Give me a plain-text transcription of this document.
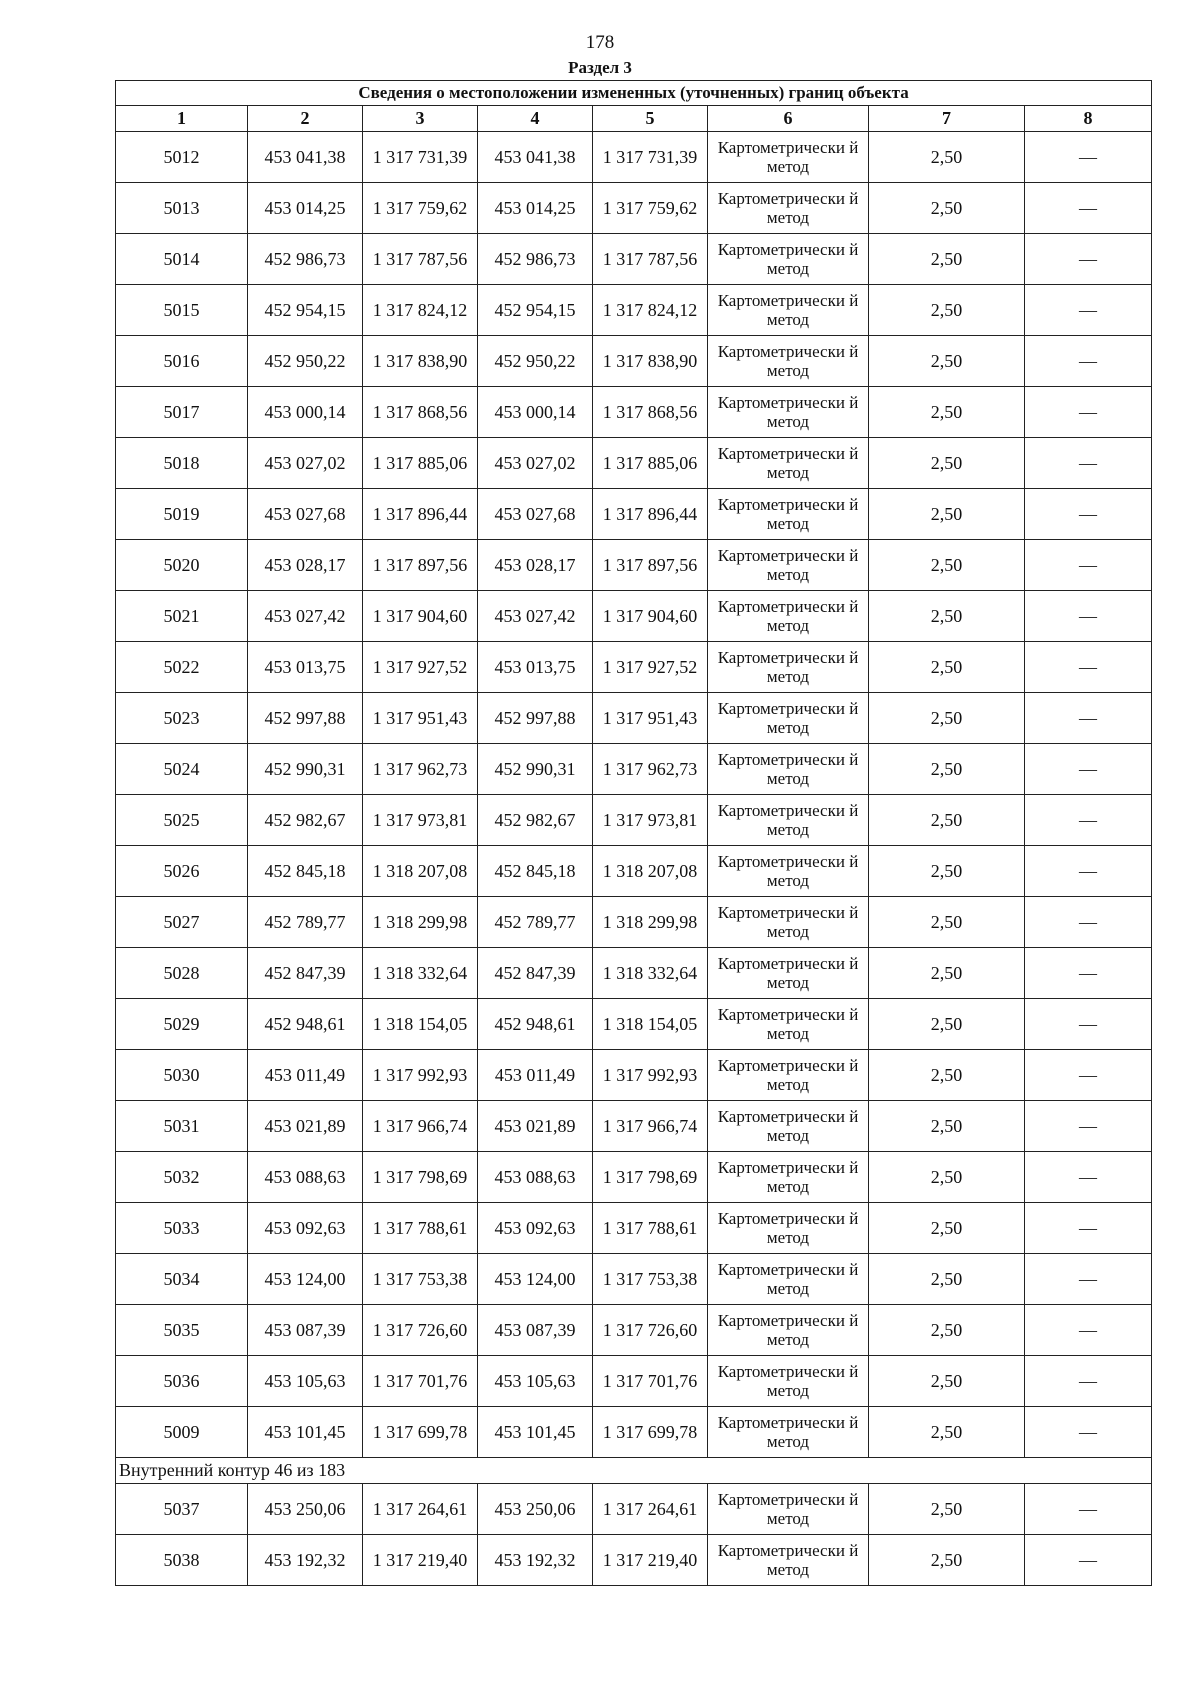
178
Раздел 3
Сведения о местоположении измененных (уточненных) границ объекта							
1	2	3	4	5	6	7	8
5012	453 041,38	1 317 731,39	453 041,38	1 317 731,39	Картометрически й метод	2,50	—
5013	453 014,25	1 317 759,62	453 014,25	1 317 759,62	Картометрически й метод	2,50	—
5014	452 986,73	1 317 787,56	452 986,73	1 317 787,56	Картометрически й метод	2,50	—
5015	452 954,15	1 317 824,12	452 954,15	1 317 824,12	Картометрически й метод	2,50	—
5016	452 950,22	1 317 838,90	452 950,22	1 317 838,90	Картометрически й метод	2,50	—
5017	453 000,14	1 317 868,56	453 000,14	1 317 868,56	Картометрически й метод	2,50	—
5018	453 027,02	1 317 885,06	453 027,02	1 317 885,06	Картометрически й метод	2,50	—
5019	453 027,68	1 317 896,44	453 027,68	1 317 896,44	Картометрически й метод	2,50	—
5020	453 028,17	1 317 897,56	453 028,17	1 317 897,56	Картометрически й метод	2,50	—
5021	453 027,42	1 317 904,60	453 027,42	1 317 904,60	Картометрически й метод	2,50	—
5022	453 013,75	1 317 927,52	453 013,75	1 317 927,52	Картометрически й метод	2,50	—
5023	452 997,88	1 317 951,43	452 997,88	1 317 951,43	Картометрически й метод	2,50	—
5024	452 990,31	1 317 962,73	452 990,31	1 317 962,73	Картометрически й метод	2,50	—
5025	452 982,67	1 317 973,81	452 982,67	1 317 973,81	Картометрически й метод	2,50	—
5026	452 845,18	1 318 207,08	452 845,18	1 318 207,08	Картометрически й метод	2,50	—
5027	452 789,77	1 318 299,98	452 789,77	1 318 299,98	Картометрически й метод	2,50	—
5028	452 847,39	1 318 332,64	452 847,39	1 318 332,64	Картометрически й метод	2,50	—
5029	452 948,61	1 318 154,05	452 948,61	1 318 154,05	Картометрически й метод	2,50	—
5030	453 011,49	1 317 992,93	453 011,49	1 317 992,93	Картометрически й метод	2,50	—
5031	453 021,89	1 317 966,74	453 021,89	1 317 966,74	Картометрически й метод	2,50	—
5032	453 088,63	1 317 798,69	453 088,63	1 317 798,69	Картометрически й метод	2,50	—
5033	453 092,63	1 317 788,61	453 092,63	1 317 788,61	Картометрически й метод	2,50	—
5034	453 124,00	1 317 753,38	453 124,00	1 317 753,38	Картометрически й метод	2,50	—
5035	453 087,39	1 317 726,60	453 087,39	1 317 726,60	Картометрически й метод	2,50	—
5036	453 105,63	1 317 701,76	453 105,63	1 317 701,76	Картометрически й метод	2,50	—
5009	453 101,45	1 317 699,78	453 101,45	1 317 699,78	Картометрически й метод	2,50	—
Внутренний контур 46 из 183							
5037	453 250,06	1 317 264,61	453 250,06	1 317 264,61	Картометрически й метод	2,50	—
5038	453 192,32	1 317 219,40	453 192,32	1 317 219,40	Картометрически й метод	2,50	—
